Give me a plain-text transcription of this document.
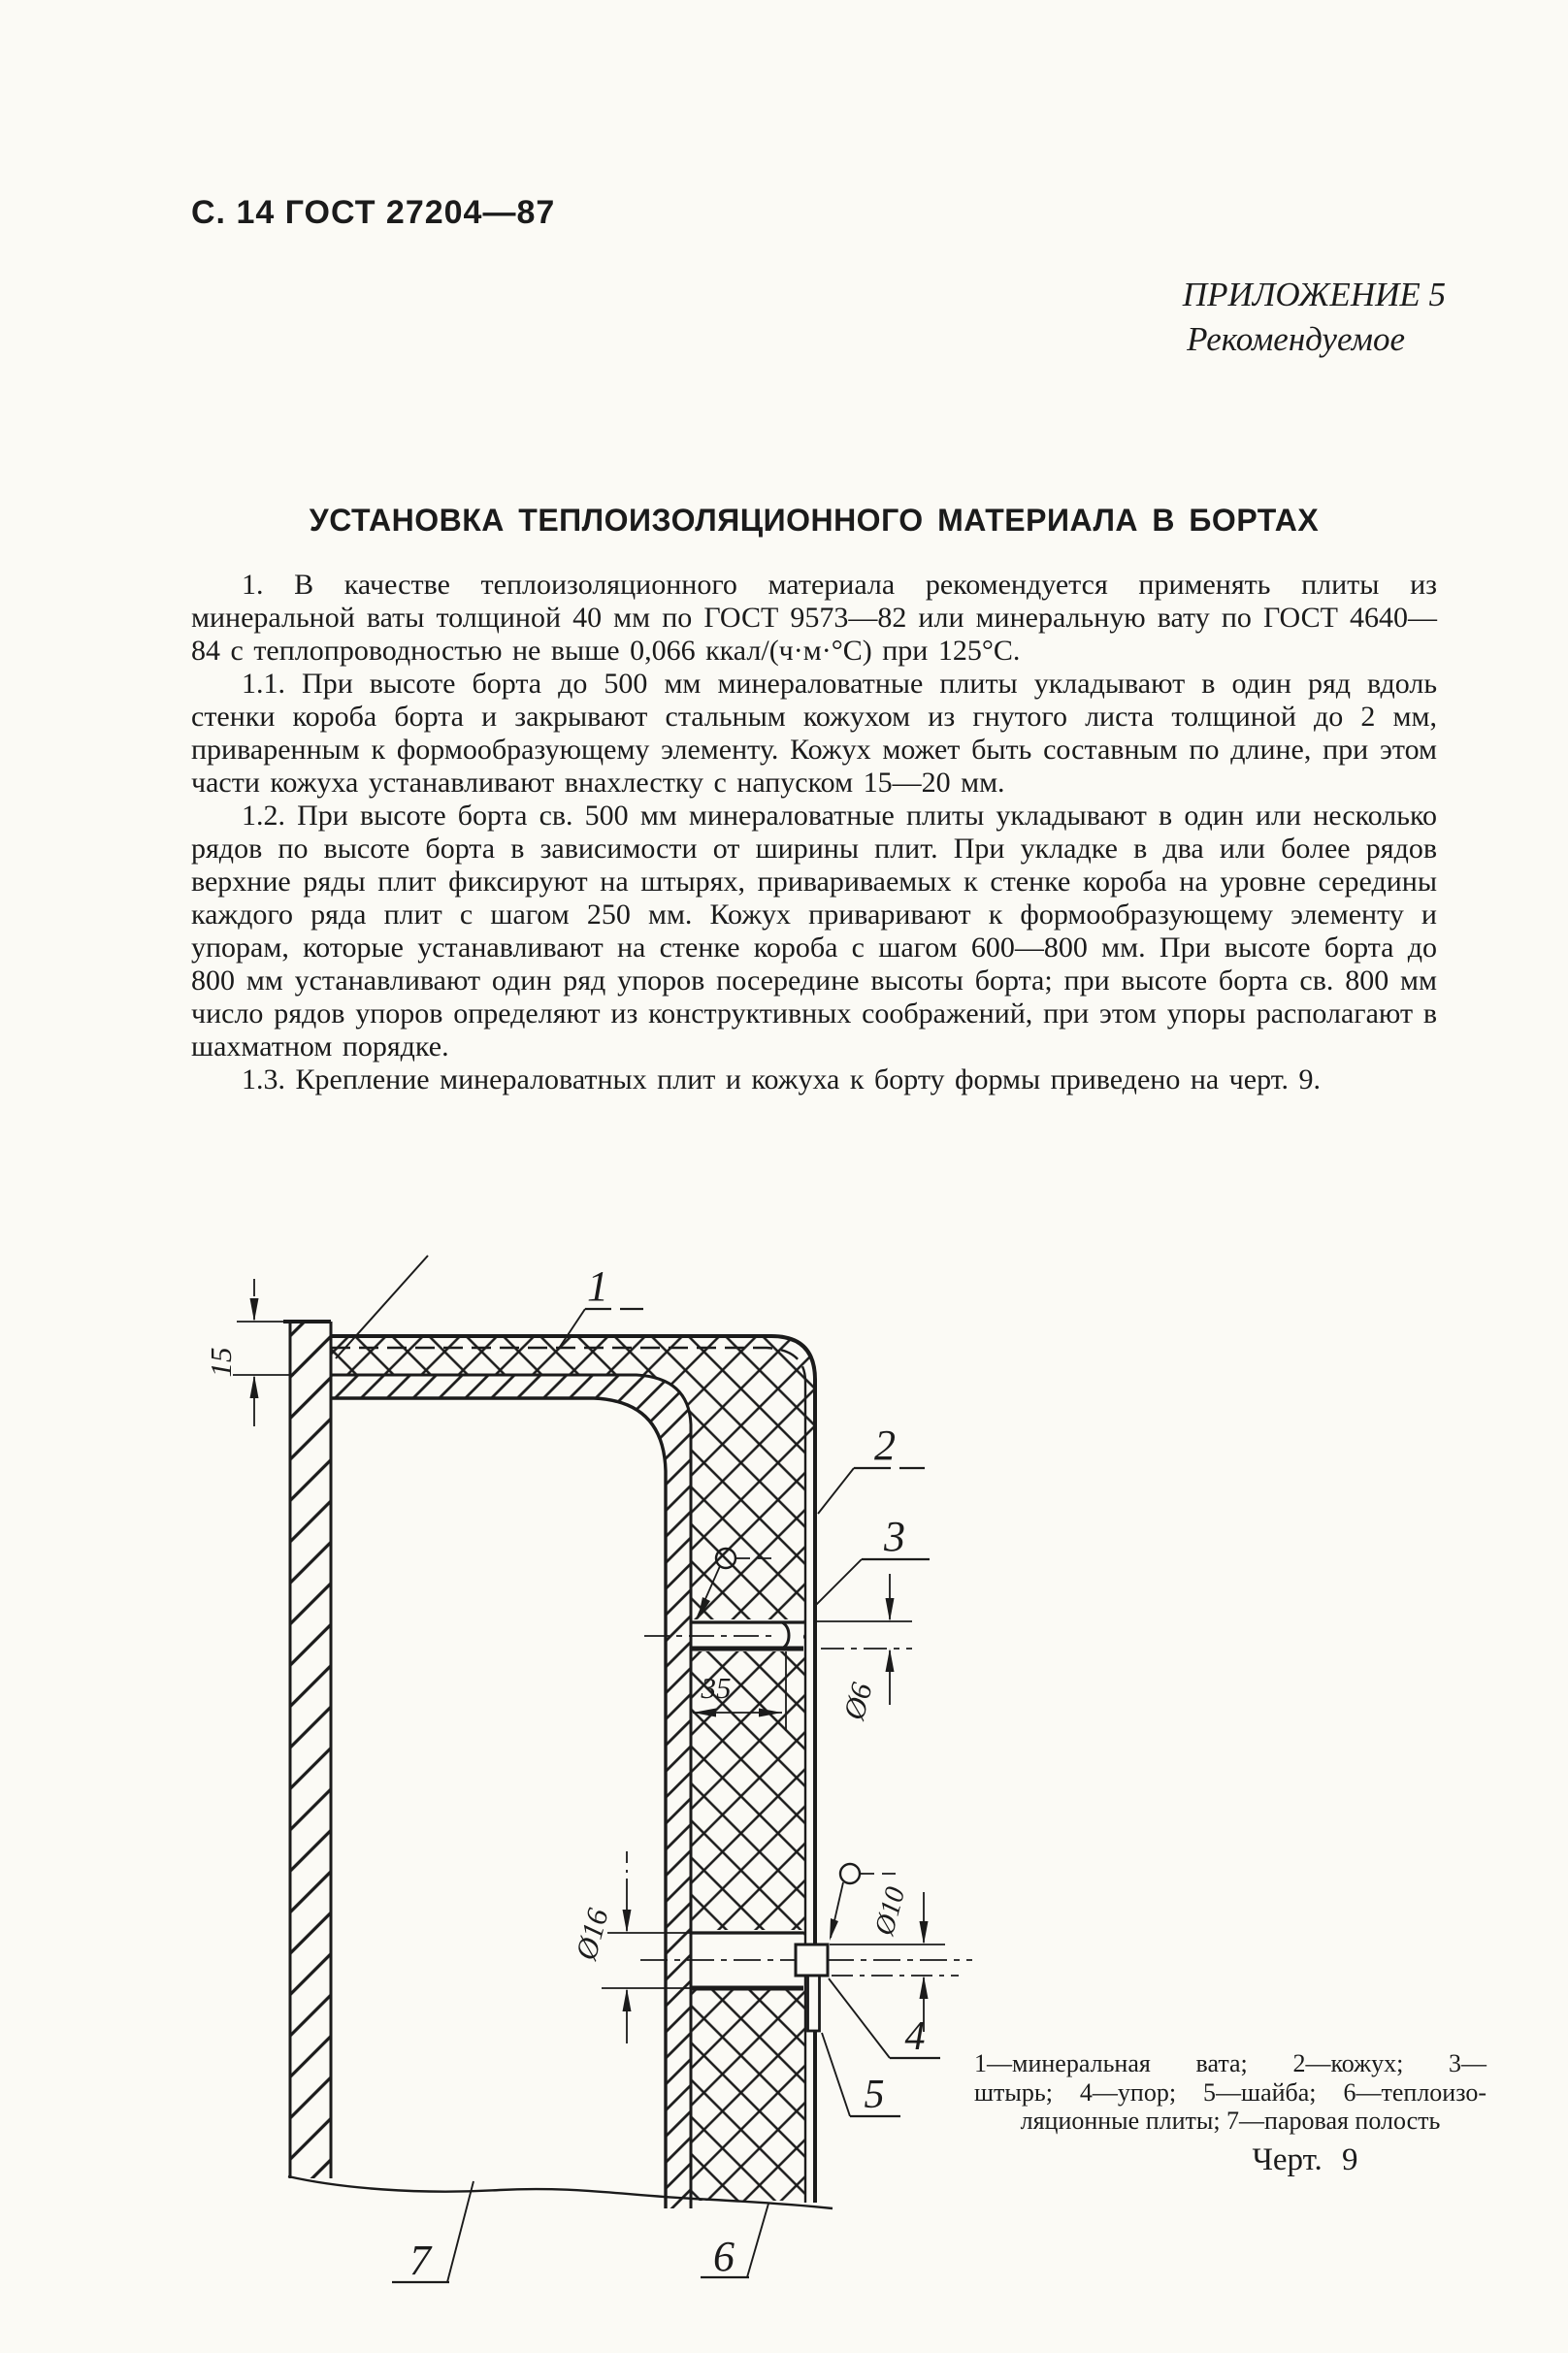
С. 14 ГОСТ 27204—87
ПРИЛОЖЕНИЕ 5
Рекомендуемое
УСТАНОВКА ТЕПЛОИЗОЛЯЦИОННОГО МАТЕРИАЛА В БОРТАХ

1. В качестве теплоизоляционного материала рекомендуется применять плиты из минеральной ваты толщиной 40 мм по ГОСТ 9573—82 или минеральную вату по ГОСТ 4640—84 с теплопроводностью не выше 0,066 ккал/(ч·м·°С) при 125°С.

1.1. При высоте борта до 500 мм минераловатные плиты укладывают в один ряд вдоль стенки короба борта и закрывают стальным кожухом из гнутого листа толщиной до 2 мм, приваренным к формообразующему элементу. Кожух может быть составным по длине, при этом части кожуха устанавливают внахлестку с напуском 15—20 мм.

1.2. При высоте борта св. 500 мм минераловатные плиты укладывают в один или несколько рядов по высоте борта в зависимости от ширины плит. При укладке в два или более рядов верхние ряды плит фиксируют на штырях, привариваемых к стенке короба на уровне середины каждого ряда плит с шагом 250 мм. Кожух приваривают к формообразующему элементу и упорам, которые устанавливают на стенке короба с шагом 600—800 мм. При высоте борта до 800 мм устанавливают один ряд упоров посередине высоты борта; при высоте борта св. 800 мм число рядов упоров определяют из конструктивных соображений, при этом упоры располагают в шахматном порядке.

1.3. Крепление минераловатных плит и кожуха к борту формы приведено на черт. 9.

35	Ø6
Ø16	Ø10
15
1
2
3
4
5
6
7
1—минеральная вата; 2—кожух; 3—
штырь; 4—упор; 5—шайба; 6—теплоизо-
ляционные плиты; 7—паровая полость
Черт. 9
